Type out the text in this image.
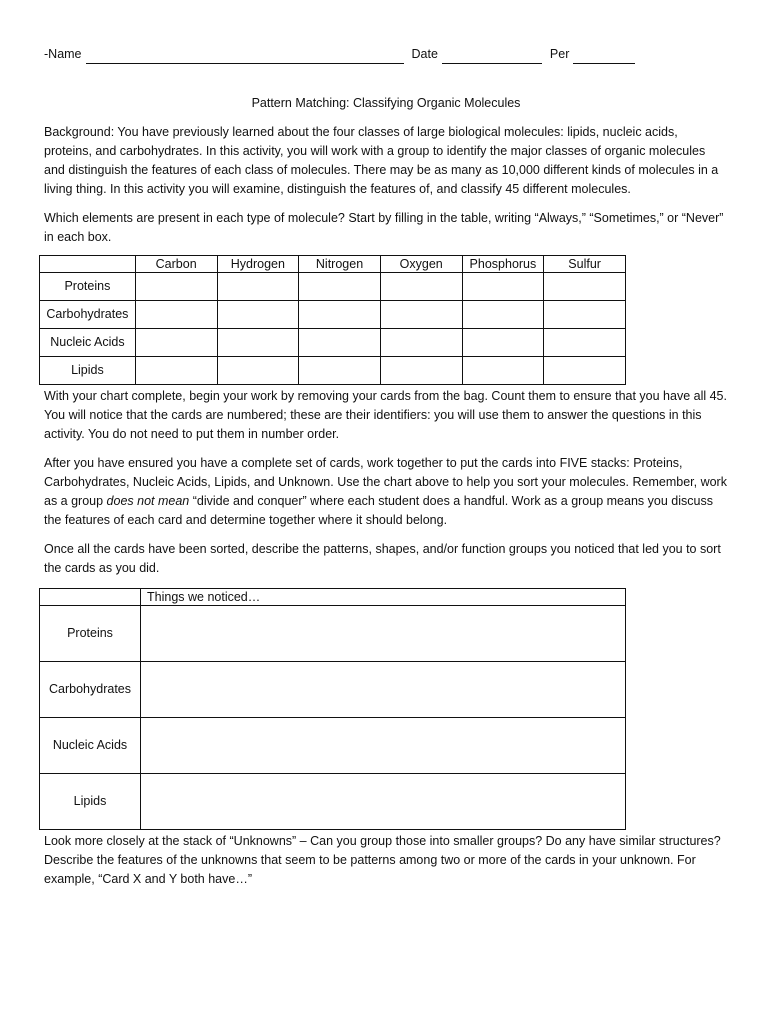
-Name	Date	Per
Pattern Matching: Classifying Organic Molecules

Background: You have previously learned about the four classes of large biological molecules: lipids, nucleic acids, proteins, and carbohydrates. In this activity, you will work with a group to identify the major classes of organic molecules and distinguish the features of each class of molecules. There may be as many as 10,000 different kinds of molecules in a living thing. In this activity you will examine, distinguish the features of, and classify 45 different molecules.

Which elements are present in each type of molecule? Start by filling in the table, writing “Always,” “Sometimes,” or “Never” in each box.

	Carbon	Hydrogen	Nitrogen	Oxygen	Phosphorus	Sulfur
Proteins						
Carbohydrates						
Nucleic Acids						
Lipids						

With your chart complete, begin your work by removing your cards from the bag. Count them to ensure that you have all 45. You will notice that the cards are numbered; these are their identifiers: you will use them to answer the questions in this activity. You do not need to put them in number order.

After you have ensured you have a complete set of cards, work together to put the cards into FIVE stacks: Proteins, Carbohydrates, Nucleic Acids, Lipids, and Unknown. Use the chart above to help you sort your molecules. Remember, work as a group does not mean “divide and conquer” where each student does a handful. Work as a group means you discuss the features of each card and determine together where it should belong.

Once all the cards have been sorted, describe the patterns, shapes, and/or function groups you noticed that led you to sort the cards as you did.

	Things we noticed…
Proteins	
Carbohydrates	
Nucleic Acids	
Lipids	

Look more closely at the stack of “Unknowns” – Can you group those into smaller groups? Do any have similar structures? Describe the features of the unknowns that seem to be patterns among two or more of the cards in your unknown. For example, “Card X and Y both have…”
